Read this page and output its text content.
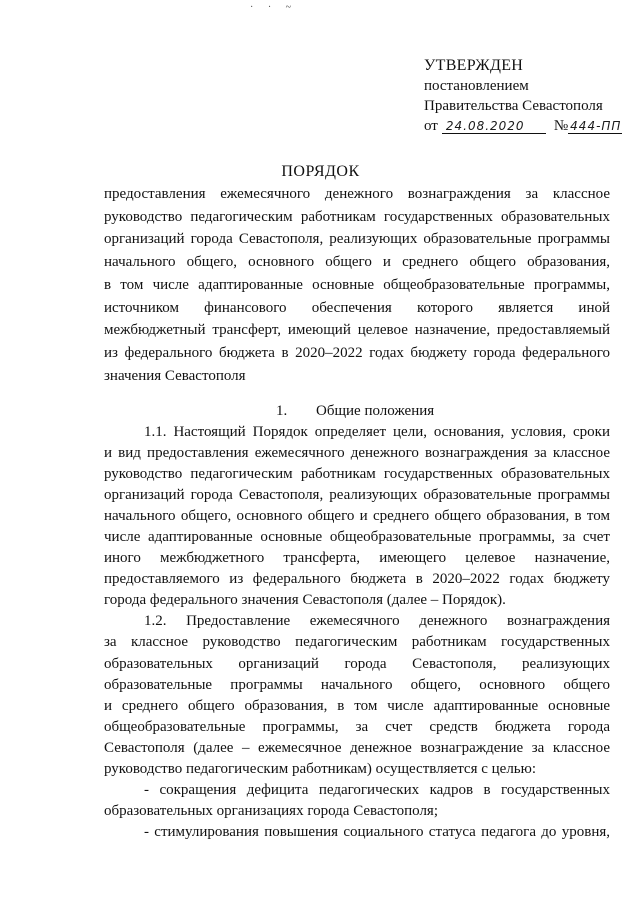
· · ~
УТВЕРЖДЕН
постановлением
Правительства Севастополя
от 24.08.2020	№ 444-ПП
ПОРЯДОК
предоставления ежемесячного денежного вознаграждения за классное
руководство педагогическим работникам государственных образовательных
организаций города Севастополя, реализующих образовательные программы
начального общего, основного общего и среднего общего образования,
в том числе адаптированные основные общеобразовательные программы,
источником финансового обеспечения которого является иной
межбюджетный трансферт, имеющий целевое назначение, предоставляемый
из федерального бюджета в 2020–2022 годах бюджету города федерального
значения Севастополя
1. Общие положения
1.1. Настоящий Порядок определяет цели, основания, условия, сроки
и вид предоставления ежемесячного денежного вознаграждения за классное
руководство педагогическим работникам государственных образовательных
организаций города Севастополя, реализующих образовательные программы
начального общего, основного общего и среднего общего образования, в том
числе адаптированные основные общеобразовательные программы, за счет
иного межбюджетного трансферта, имеющего целевое назначение,
предоставляемого из федерального бюджета в 2020–2022 годах бюджету
города федерального значения Севастополя (далее – Порядок).
1.2. Предоставление ежемесячного денежного вознаграждения
за классное руководство педагогическим работникам государственных
образовательных организаций города Севастополя, реализующих
образовательные программы начального общего, основного общего
и среднего общего образования, в том числе адаптированные основные
общеобразовательные программы, за счет средств бюджета города
Севастополя (далее – ежемесячное денежное вознаграждение за классное
руководство педагогическим работникам) осуществляется с целью:
- сокращения дефицита педагогических кадров в государственных
образовательных организациях города Севастополя;
- стимулирования повышения социального статуса педагога до уровня,
